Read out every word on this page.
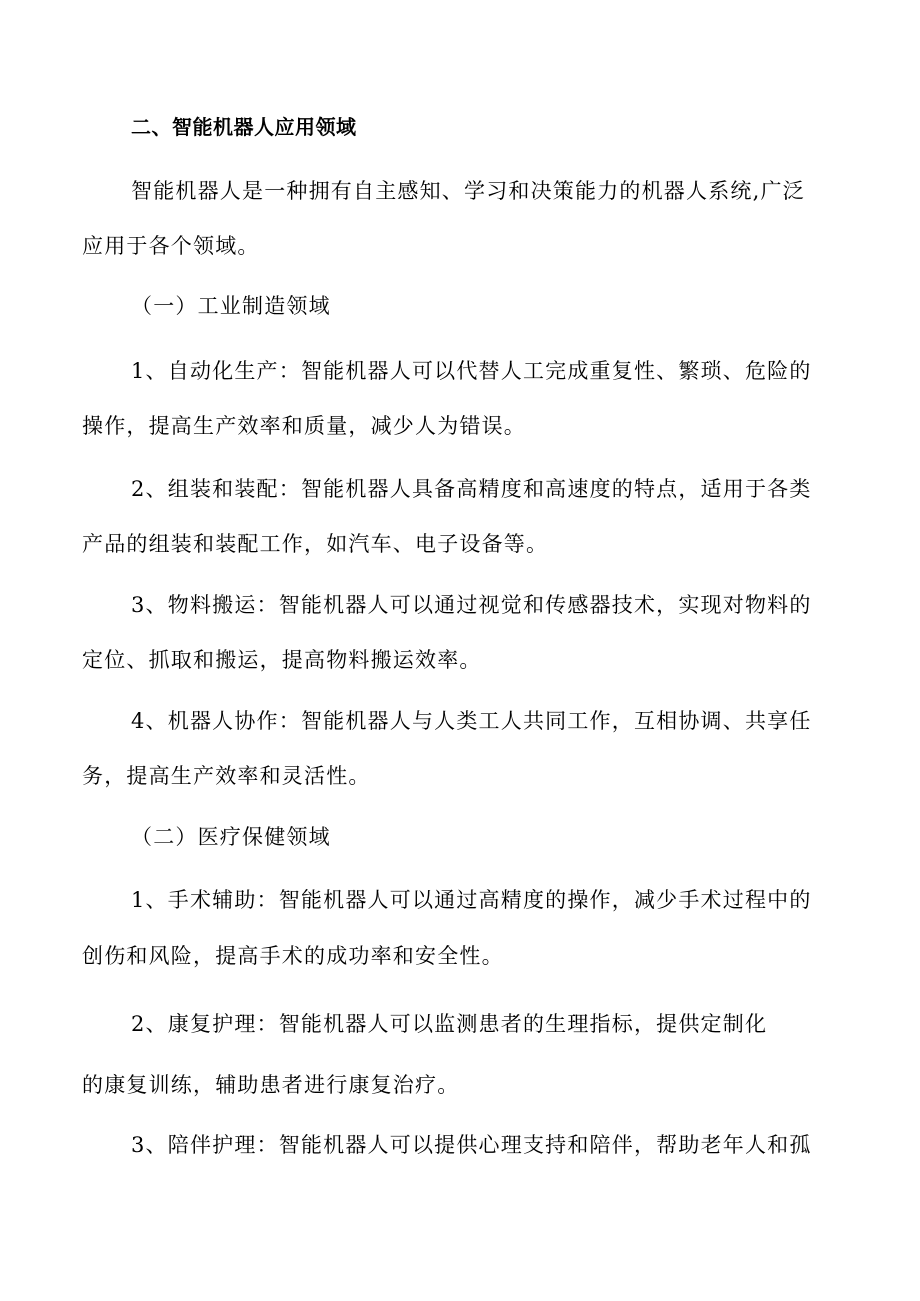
二、智能机器人应用领域
智能机器人是一种拥有自主感知、学习和决策能力的机器人系统,广泛
应用于各个领域。
（一）工业制造领域
1、自动化生产：智能机器人可以代替人工完成重复性、繁琐、危险的
操作，提高生产效率和质量，减少人为错误。
2、组装和装配：智能机器人具备高精度和高速度的特点，适用于各类
产品的组装和装配工作，如汽车、电子设备等。
3、物料搬运：智能机器人可以通过视觉和传感器技术，实现对物料的
定位、抓取和搬运，提高物料搬运效率。
4、机器人协作：智能机器人与人类工人共同工作，互相协调、共享任
务，提高生产效率和灵活性。
（二）医疗保健领域
1、手术辅助：智能机器人可以通过高精度的操作，减少手术过程中的
创伤和风险，提高手术的成功率和安全性。
2、康复护理：智能机器人可以监测患者的生理指标，提供定制化
的康复训练，辅助患者进行康复治疗。
3、陪伴护理：智能机器人可以提供心理支持和陪伴，帮助老年人和孤
